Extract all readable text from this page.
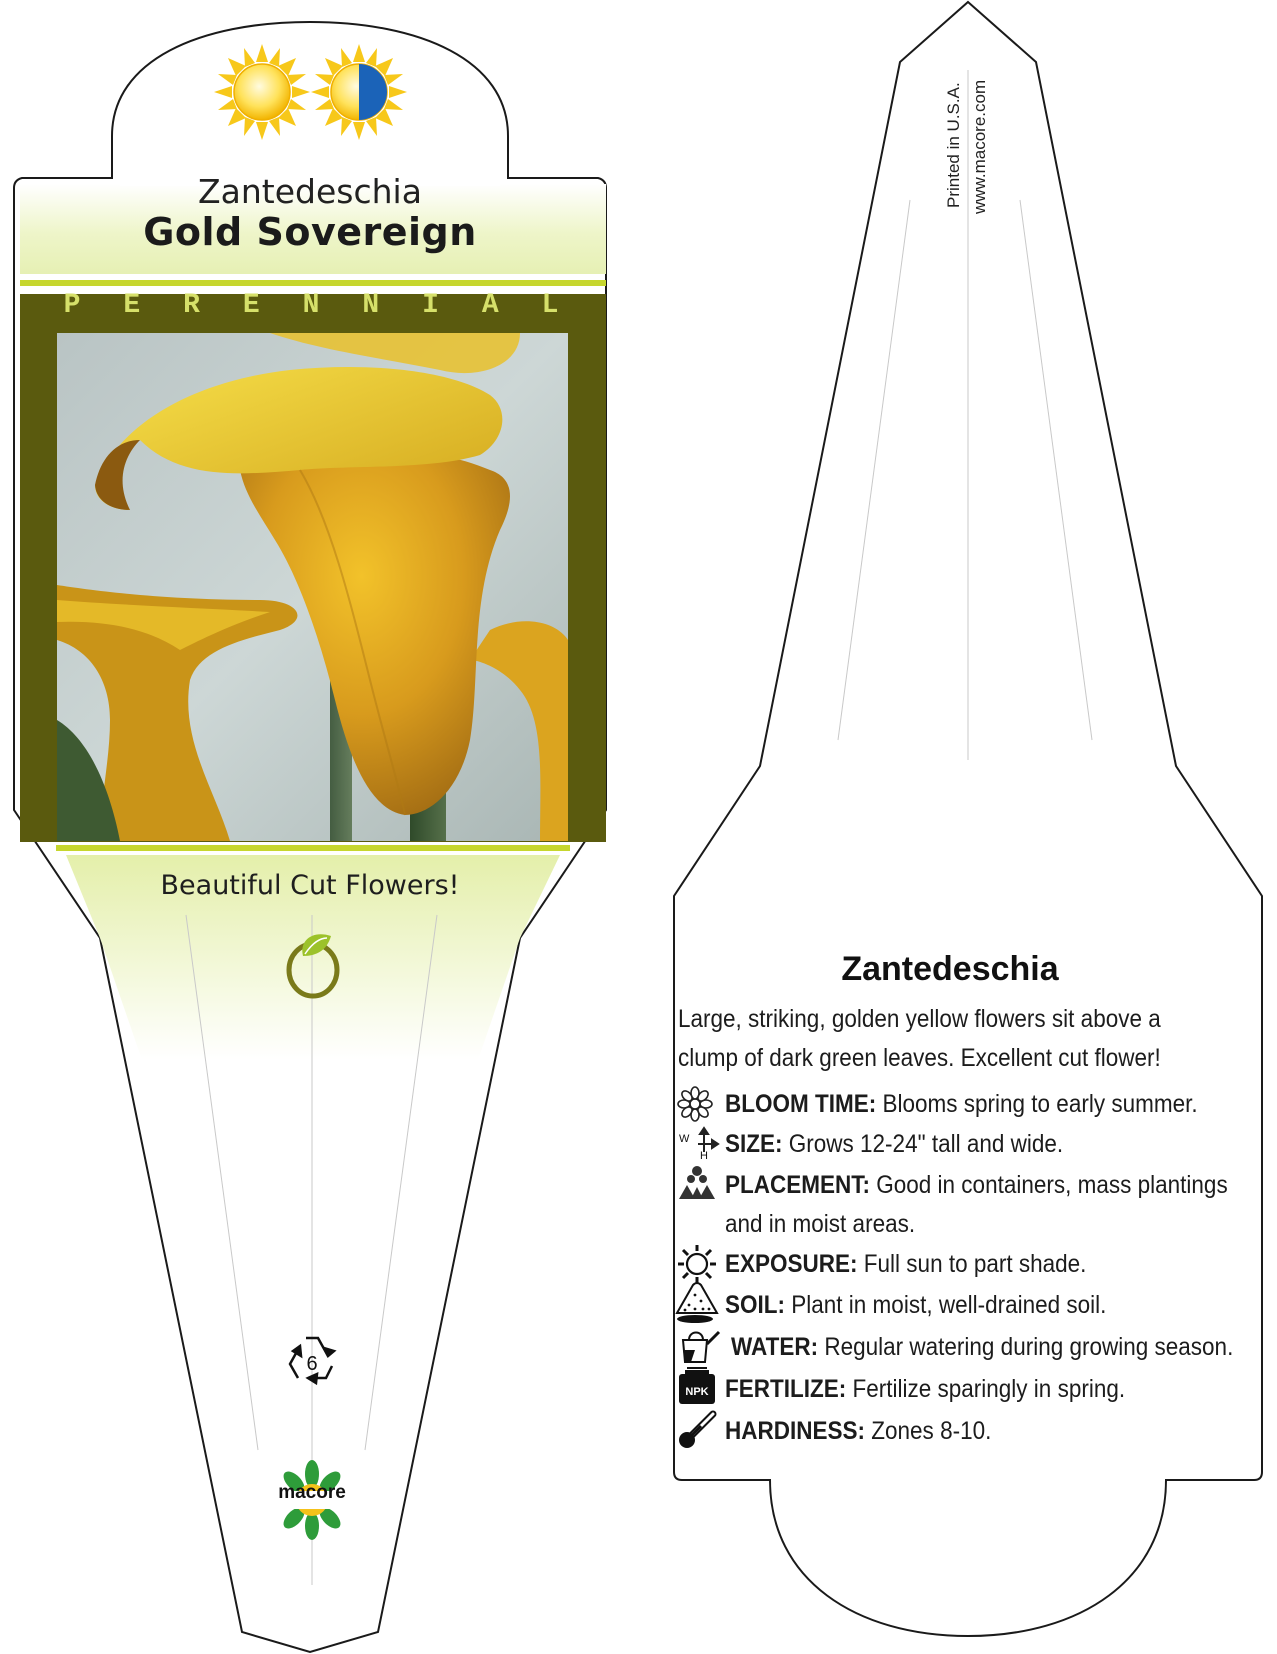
Zantedeschia
Gold Sovereign
P E R E N N I A L
Beautiful Cut Flowers!
6
macore
Printed in U.S.A. www.macore.com
Zantedeschia
Large, striking, golden yellow flowers sit above a clump of dark green leaves. Excellent cut flower!
BLOOM TIME: Blooms spring to early summer.
SIZE: Grows 12-24" tall and wide.
W
H
PLACEMENT: Good in containers, mass plantings and in moist areas.
EXPOSURE: Full sun to part shade.
SOIL: Plant in moist, well-drained soil.
WATER: Regular watering during growing season.
FERTILIZE: Fertilize sparingly in spring.
NPK
HARDINESS: Zones 8-10.
